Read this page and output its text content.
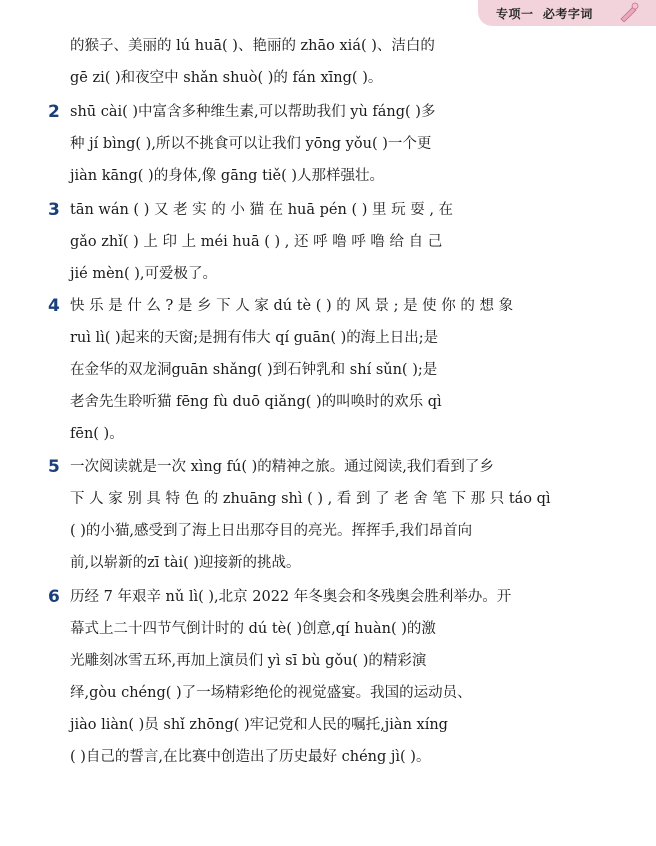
专项一 必考字词
的猴子、美丽的 lú huā( )、艳丽的 zhāo xiá( )、洁白的
gē zi( )和夜空中 shǎn shuò( )的 fán xīng( )。
2 shū cài( )中富含多种维生素,可以帮助我们 yù fáng( )多
种 jí bìng( ),所以不挑食可以让我们 yōng yǒu( )一个更
jiàn kāng( )的身体,像 gāng tiě( )人那样强壮。
3 tān wán ( ) 又 老 实 的 小 猫 在 huā pén ( ) 里 玩 耍 , 在
gǎo zhǐ( ) 上 印 上 méi huā ( ) , 还 呼 噜 呼 噜 给 自 己
jié mèn( ),可爱极了。
4 快 乐 是 什 么 ? 是 乡 下 人 家 dú tè ( ) 的 风 景 ; 是 使 你 的 想 象
ruì lì( )起来的天窗;是拥有伟大 qí guān( )的海上日出;是
在金华的双龙洞guān shǎng( )到石钟乳和 shí sǔn( );是
老舍先生聆听猫 fēng fù duō qiǎng( )的叫唤时的欢乐 qì
fēn( )。
5 一次阅读就是一次 xìng fú( )的精神之旅。通过阅读,我们看到了乡
下 人 家 别 具 特 色 的 zhuāng shì ( ) , 看 到 了 老 舍 笔 下 那 只 táo qì
( )的小猫,感受到了海上日出那夺目的亮光。挥挥手,我们昂首向
前,以崭新的zī tài( )迎接新的挑战。
6 历经 7 年艰辛 nǔ lì( ),北京 2022 年冬奥会和冬残奥会胜利举办。开
幕式上二十四节气倒计时的 dú tè( )创意,qí huàn( )的激
光雕刻冰雪五环,再加上演员们 yì sī bù gǒu( )的精彩演
绎,gòu chéng( )了一场精彩绝伦的视觉盛宴。我国的运动员、
jiào liàn( )员 shǐ zhōng( )牢记党和人民的嘱托,jiàn xíng
( )自己的誓言,在比赛中创造出了历史最好 chéng jì( )。
